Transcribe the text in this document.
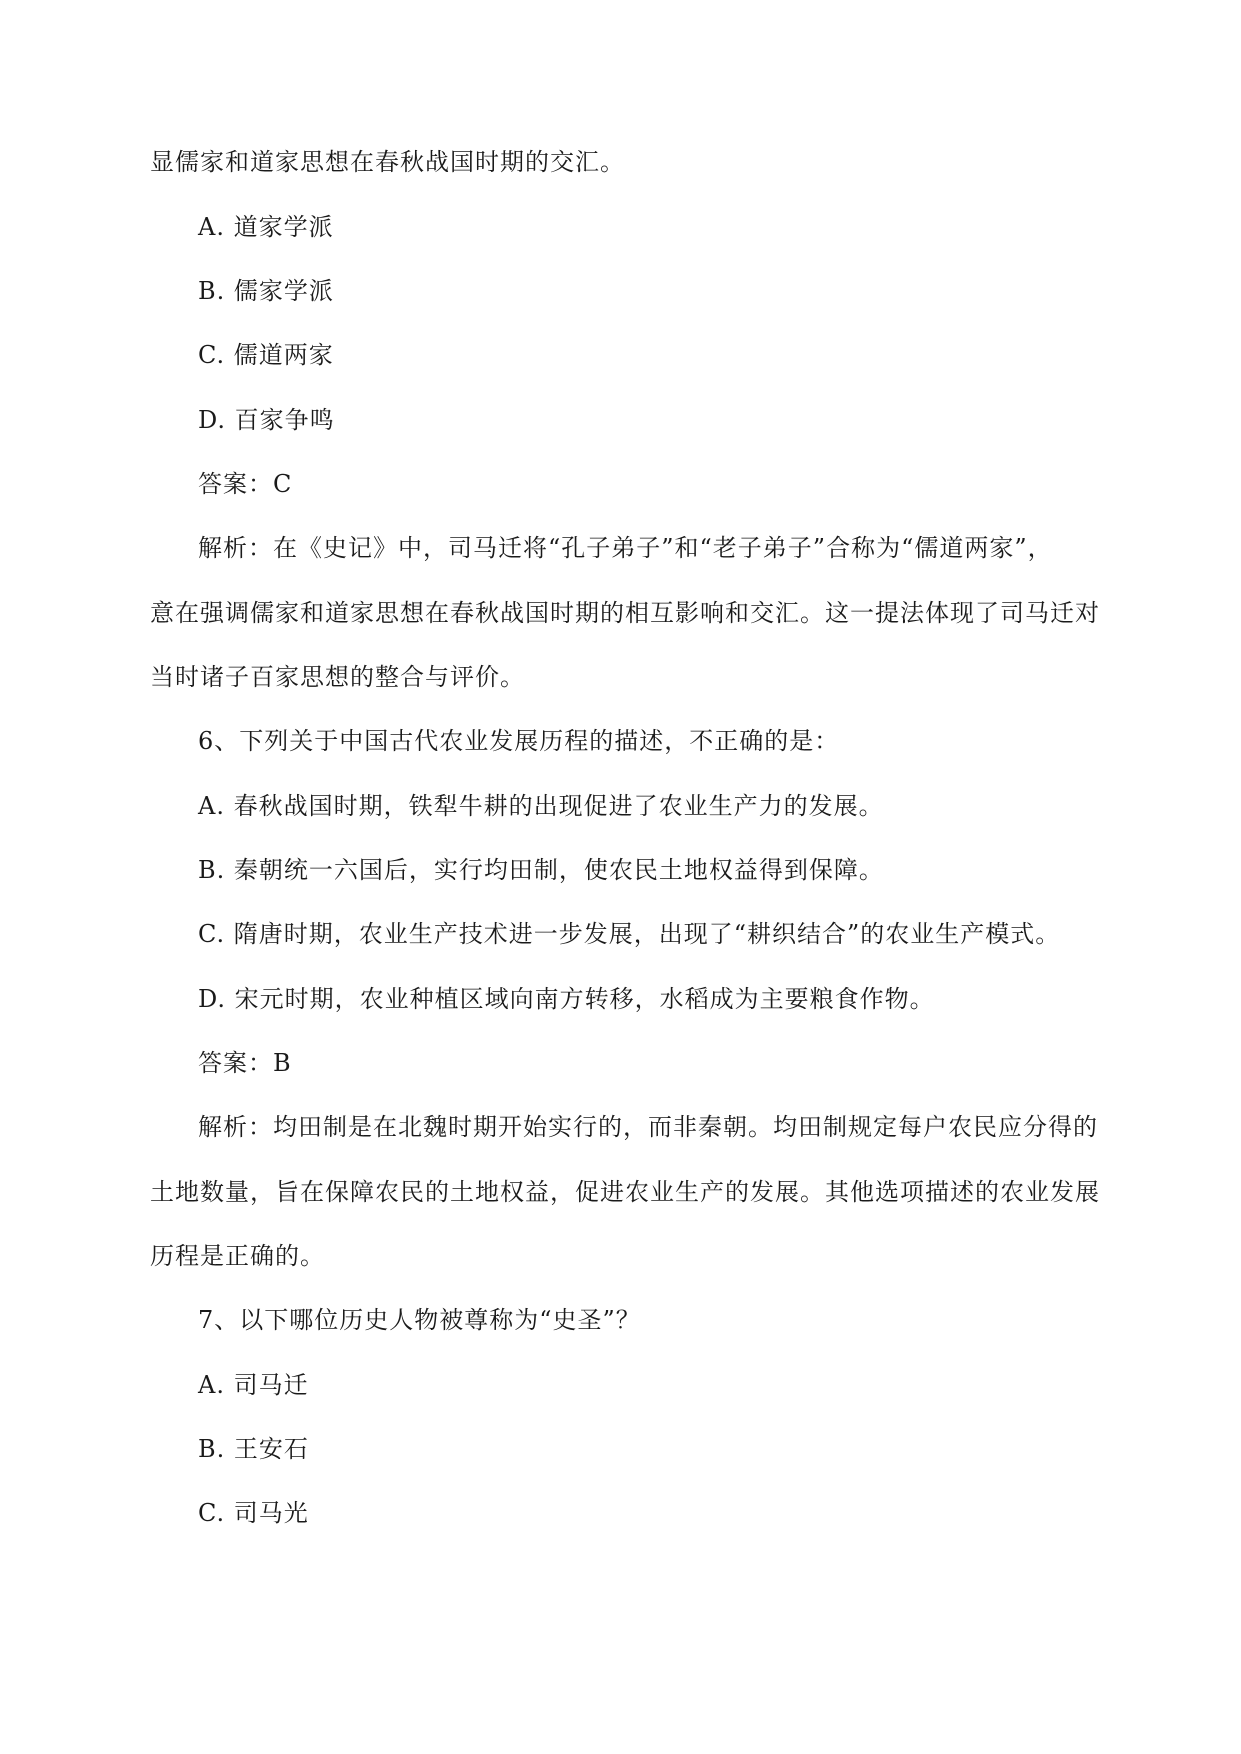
显儒家和道家思想在春秋战国时期的交汇。
A. 道家学派
B. 儒家学派
C. 儒道两家
D. 百家争鸣
答案：C
解析：在《史记》中，司马迁将“孔子弟子”和“老子弟子”合称为“儒道两家”，
意在强调儒家和道家思想在春秋战国时期的相互影响和交汇。这一提法体现了司马迁对
当时诸子百家思想的整合与评价。
6、下列关于中国古代农业发展历程的描述，不正确的是：
A. 春秋战国时期，铁犁牛耕的出现促进了农业生产力的发展。
B. 秦朝统一六国后，实行均田制，使农民土地权益得到保障。
C. 隋唐时期，农业生产技术进一步发展，出现了“耕织结合”的农业生产模式。
D. 宋元时期，农业种植区域向南方转移，水稻成为主要粮食作物。
答案：B
解析：均田制是在北魏时期开始实行的，而非秦朝。均田制规定每户农民应分得的
土地数量，旨在保障农民的土地权益，促进农业生产的发展。其他选项描述的农业发展
历程是正确的。
7、以下哪位历史人物被尊称为“史圣”？
A. 司马迁
B. 王安石
C. 司马光
